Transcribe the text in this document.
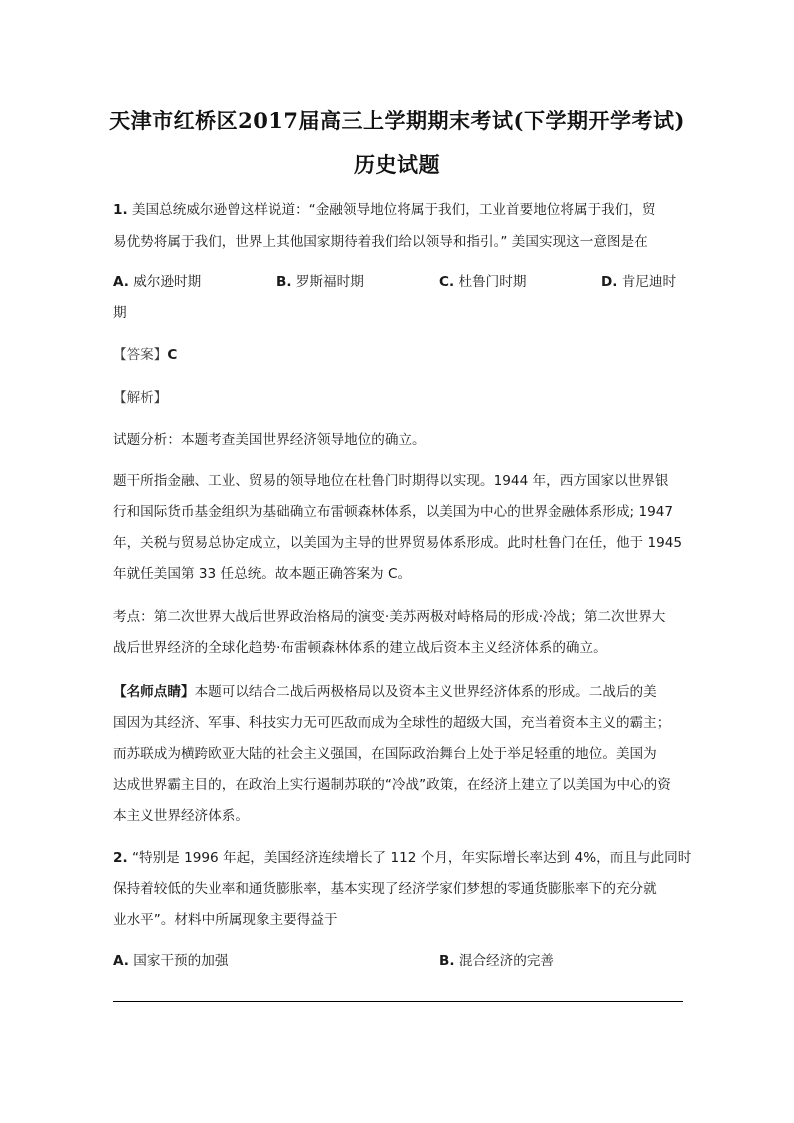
天津市红桥区2017届高三上学期期末考试(下学期开学考试)
历史试题
1. 美国总统威尔逊曾这样说道：“金融领导地位将属于我们，工业首要地位将属于我们，贸
易优势将属于我们，世界上其他国家期待着我们给以领导和指引。” 美国实现这一意图是在
A. 威尔逊时期	B. 罗斯福时期	C. 杜鲁门时期	D. 肯尼迪时
期
【答案】C
【解析】
试题分析：本题考查美国世界经济领导地位的确立。
题干所指金融、工业、贸易的领导地位在杜鲁门时期得以实现。1944 年，西方国家以世界银
行和国际货币基金组织为基础确立布雷顿森林体系，以美国为中心的世界金融体系形成; 1947
年，关税与贸易总协定成立，以美国为主导的世界贸易体系形成。此时杜鲁门在任，他于 1945
年就任美国第 33 任总统。故本题正确答案为 C。
考点：第二次世界大战后世界政治格局的演变·美苏两极对峙格局的形成·冷战；第二次世界大
战后世界经济的全球化趋势·布雷顿森林体系的建立战后资本主义经济体系的确立。
【名师点睛】本题可以结合二战后两极格局以及资本主义世界经济体系的形成。二战后的美
国因为其经济、军事、科技实力无可匹敌而成为全球性的超级大国，充当着资本主义的霸主；
而苏联成为横跨欧亚大陆的社会主义强国，在国际政治舞台上处于举足轻重的地位。美国为
达成世界霸主目的，在政治上实行遏制苏联的“冷战”政策，在经济上建立了以美国为中心的资
本主义世界经济体系。
2. “特别是 1996 年起，美国经济连续增长了 112 个月，年实际增长率达到 4%，而且与此同时
保持着较低的失业率和通货膨胀率，基本实现了经济学家们梦想的零通货膨胀率下的充分就
业水平”。材料中所属现象主要得益于
A. 国家干预的加强	B. 混合经济的完善
